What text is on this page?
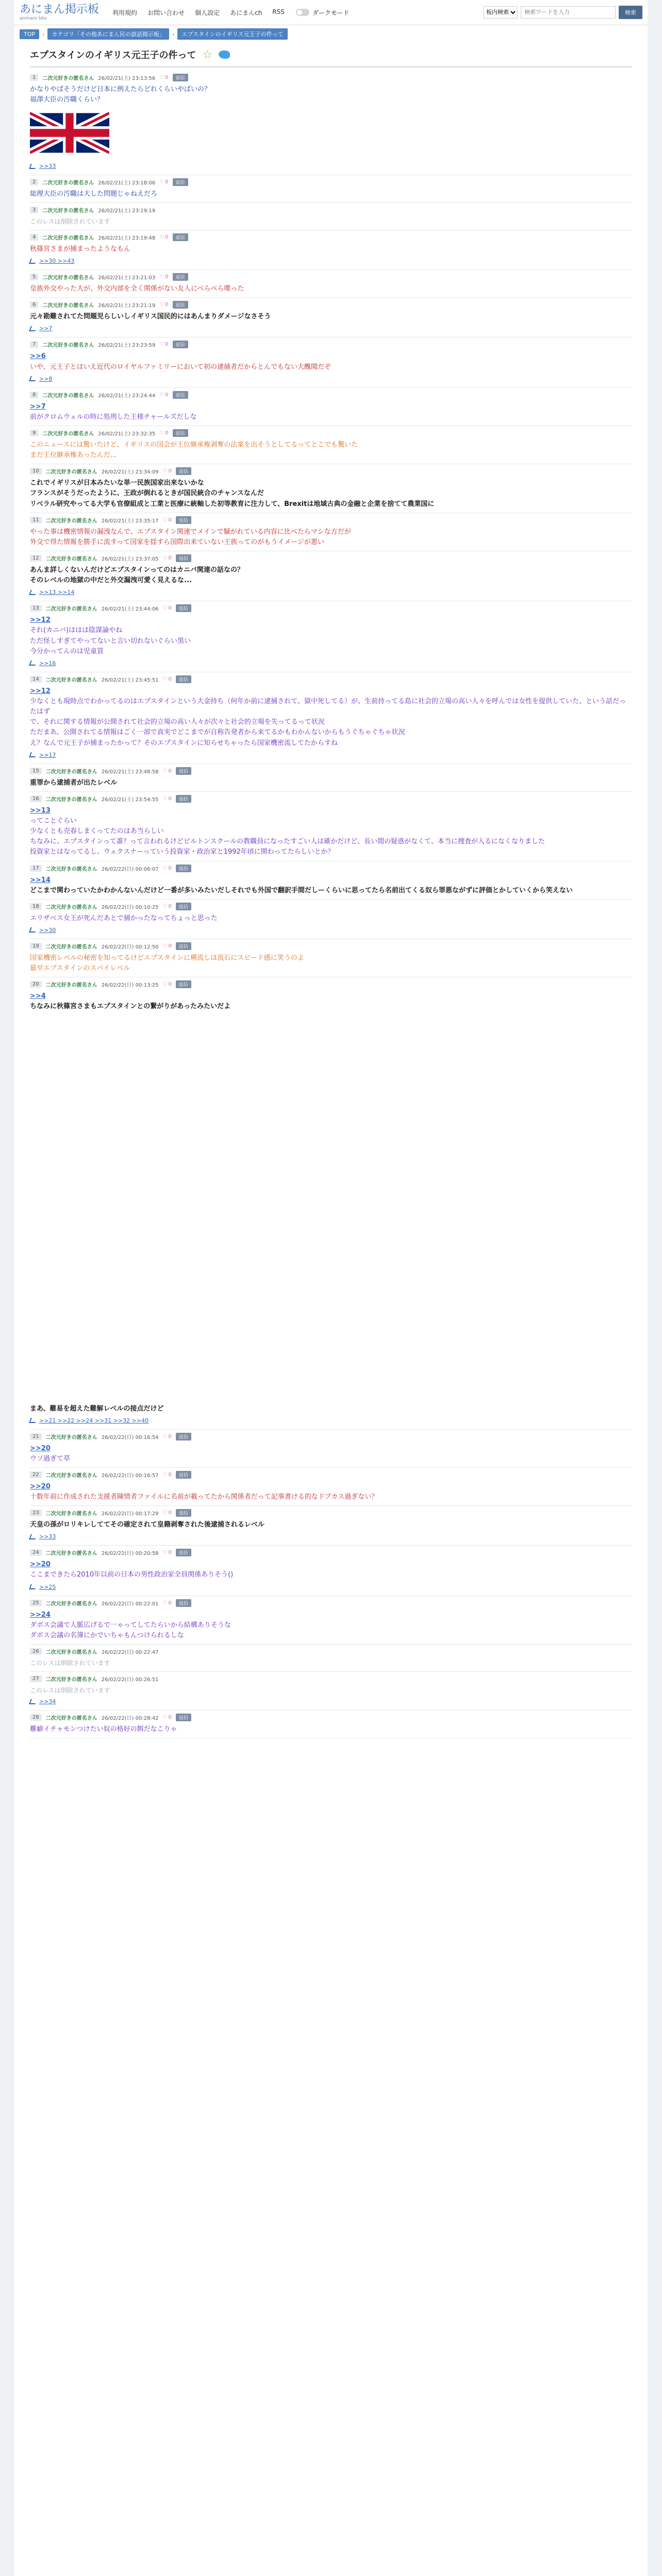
あにまん掲示板
anmani bbs
利用規約 お問い合わせ 個人設定 あにまんch RSS	ダークモード
板内検索
検索ワードを入力	検索
TOP	›	カテゴリ「その他あにまん民の談話掲示板」	›	エプスタインのイギリス元王子の件って
エプスタインのイギリス元王子の件って ☆
1	二次元好きの匿名さん 26/02/21(土) 23:13:56	♡ 0	返信

かなりやばそうだけど日本に例えたらどれくらいやばいの？

福澤大臣の汚職くらい？

>>33
2	二次元好きの匿名さん 26/02/21(土) 23:18:06	♡ 0	返信

総理大臣の汚職は大した問題じゃねえだろ

3	二次元好きの匿名さん 26/02/21(土) 23:19:19

このレスは削除されています

4	二次元好きの匿名さん 26/02/21(土) 23:19:48	♡ 0	返信

秋篠宮さまが捕まったようなもん

>>30 >>43
5	二次元好きの匿名さん 26/02/21(土) 23:21:03	♡ 0	返信

皇族外交やった大が、外交内部を全く関係がない友人にべらべら喋った

6	二次元好きの匿名さん 26/02/21(土) 23:21:19	♡ 0	返信

元々勘難されてた問題児らしいしイギリス国民的にはあんまりダメージなさそう

>>7
7	二次元好きの匿名さん 26/02/21(土) 23:23:59	♡ 0	返信

>>6

いや、元王子とはいえ近代のロイヤルファミリーにおいて初の逮捕者だからとんでもない大醜聞だぞ

>>8
8	二次元好きの匿名さん 26/02/21(土) 23:24:44	♡ 0	返信

>>7

前がクロムウェルの時に処刑した王様チャールズだしな

9	二次元好きの匿名さん 26/02/21(土) 23:32:35	♡ 0	返信

このニュースには驚いたけど、イギリスの国会が王位継承権剥奪の法案を出そうとしてるってとこでも驚いた

まだ王位継承権あったんだ...

10	二次元好きの匿名さん 26/02/21(土) 23:34:09	♡ 0	返信

これでイギリスが日本みたいな単一民族国家出来ないかな

フランスがそうだったように、王政が倒れるときが国民統合のチャンスなんだ

リベラル研究やってる大学も官僚組成と工業と医療に統軸した初等教育に注力して、Brexitは地域古典の金融と企業を捨てて農業国に

11	二次元好きの匿名さん 26/02/21(土) 23:35:17	♡ 0	返信

やった事は機密情報の漏洩なんで、エプスタイン関連でメインで騒がれている内容に比べたらマシな方だが

外交で得た情報を勝手に流すって国家を揺すら国際出来ていない王族ってのがもうイメージが悪い

12	二次元好きの匿名さん 26/02/21(土) 23:37:05	♡ 0	返信

あんま詳しくないんだけどエプスタインってのはカニバ関連の話なの？

そのレベルの地獄の中だと外交漏洩可愛く見えるな...

>>13 >>14
13	二次元好きの匿名さん 26/02/21(土) 23:44:06	♡ 0	返信

>>12

それ(カニバ)ははは陰謀論やね

ただ怪しすぎてやってないと言い切れないぐらい黒い

今分かってんのは児童買

>>16
14	二次元好きの匿名さん 26/02/21(土) 23:45:51	♡ 0	返信

>>12

少なくとも現時点でわかってるのはエプスタインという大金持ち（何年か前に逮捕されて、獄中死してる）が、生前持ってる島に社会的立場の高い人々を呼んでは女性を提供していた、という話だったはず

で、それに関する情報が公開されて社会的立場の高い人々が次々と社会的立場を失ってるって状況

ただまあ、公開されてる情報はごく一部で真実でどこまでが自称告発者から来てるかもわかんないからもうぐちゃぐちゃ状況

え？なんで元王子が捕まったかって？そのエプスタインに知らせちゃったら国家機密流してたからすね

>>17
15	二次元好きの匿名さん 26/02/21(土) 23:48:58	♡ 0	返信

重罪から逮捕者が出たレベル

16	二次元好きの匿名さん 26/02/21(土) 23:54:55	♡ 0	返信

>>13

ってことぐらい

少なくとも売春しまくってたのはあ当らしい

ちなみに、エプスタインって誰？って言われるけどビルトンスクールの教職員になったすごい人は確かだけど、長い間の疑惑がなくて、本当に捜査が入るになくなりました

投資家とはなってるし、ウェクスナーっていう投資家・政治家と1992年頃に関わってたらしいとか？

17	二次元好きの匿名さん 26/02/22(日) 00:06:07	♡ 0	返信

>>14

どこまで関わっていたかわかんないんだけど一番が多いみたいだしそれでも外国で翻訳手間だしーくらいに思ってたら名前出てくる奴ら罪悪ながずに評価とかしていくから笑えない

18	二次元好きの匿名さん 26/02/22(日) 00:10:25	♡ 0	返信

エリザベス女王が死んだあとで捕かったなってちょっと思った

>>30
19	二次元好きの匿名さん 26/02/22(日) 00:12:50	♡ 0	返信

国家機密レベルの秘密を知ってるけどエプスタインに横流しは流石にスピード感に笑うのよ

最早エプスタインのスパイレベル

20	二次元好きの匿名さん 26/02/22(日) 00:13:25	♡ 0	返信

>>4

ちなみに秋篠宮さまもエプスタインとの繋がりがあったみたいだよ

まあ、難易を超えた難解レベルの接点だけど

>>21 >>22 >>24 >>31 >>32 >>40
21	二次元好きの匿名さん 26/02/22(日) 00:16:54	♡ 0	返信

>>20

ウソ過ぎて草

22	二次元好きの匿名さん 26/02/22(日) 00:16:57	♡ 0	返信

>>20

十数年前に作成された支援者陳情者ファイルに名前が載ってたから関係者だって記事書ける的なドブカス過ぎない？

23	二次元好きの匿名さん 26/02/22(日) 00:17:29	♡ 0	返信

天皇の孫がロリキレしててその確定されて皇籍剥奪された後逮捕されるレベル

>>33
24	二次元好きの匿名さん 26/02/22(日) 00:20:58	♡ 0	返信

>>20

ここまできたら2010年以前の日本の男性政治家全員関係ありそう()

>>25
25	二次元好きの匿名さん 26/02/22(日) 00:22:01	♡ 0	返信

>>24

ダボス会議で人脈広げるで一ゃってしてたらいから結構ありそうな

ダボス会議の名簿にかでいちゃもんつけられるしな

26	二次元好きの匿名さん 26/02/22(日) 00:22:47

このレスは削除されています

27	二次元好きの匿名さん 26/02/22(日) 00:26:51

このレスは削除されています

>>34
28	二次元好きの匿名さん 26/02/22(日) 00:28:42	♡ 0	返信

難癖イチャモンつけたい奴の格好の餌だなこりゃ
